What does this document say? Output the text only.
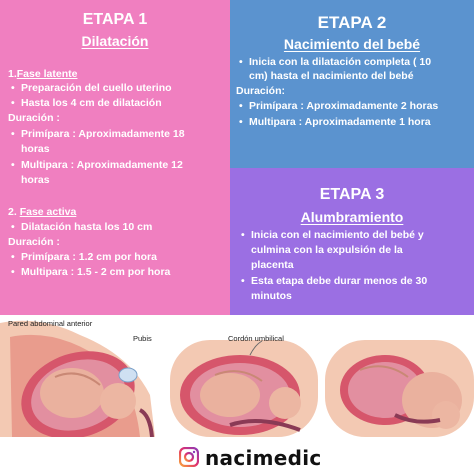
ETAPA 1
Dilatación
1.Fase latente
• Preparación del cuello uterino
• Hasta los 4 cm de dilatación
Duración :
• Primípara : Aproximadamente 18
horas
• Multipara : Aproximadamente 12
horas
2. Fase activa
• Dilatación hasta los 10 cm
Duración :
• Primípara : 1.2 cm por hora
• Multipara : 1.5 - 2 cm por hora
ETAPA 2
Nacimiento del bebé
• Inicia con la dilatación completa ( 10
cm) hasta el nacimiento del bebé
Duración:
• Primípara : Aproximadamente 2 horas
• Multipara : Aproximadamente 1 hora
ETAPA 3
Alumbramiento
• Inicia con el nacimiento del bebé y
culmina con la expulsión de la
placenta
• Esta etapa debe durar menos de 30
minutos
Pared abdominal anterior
Pubis	Cordón umbilical
nacimedic
